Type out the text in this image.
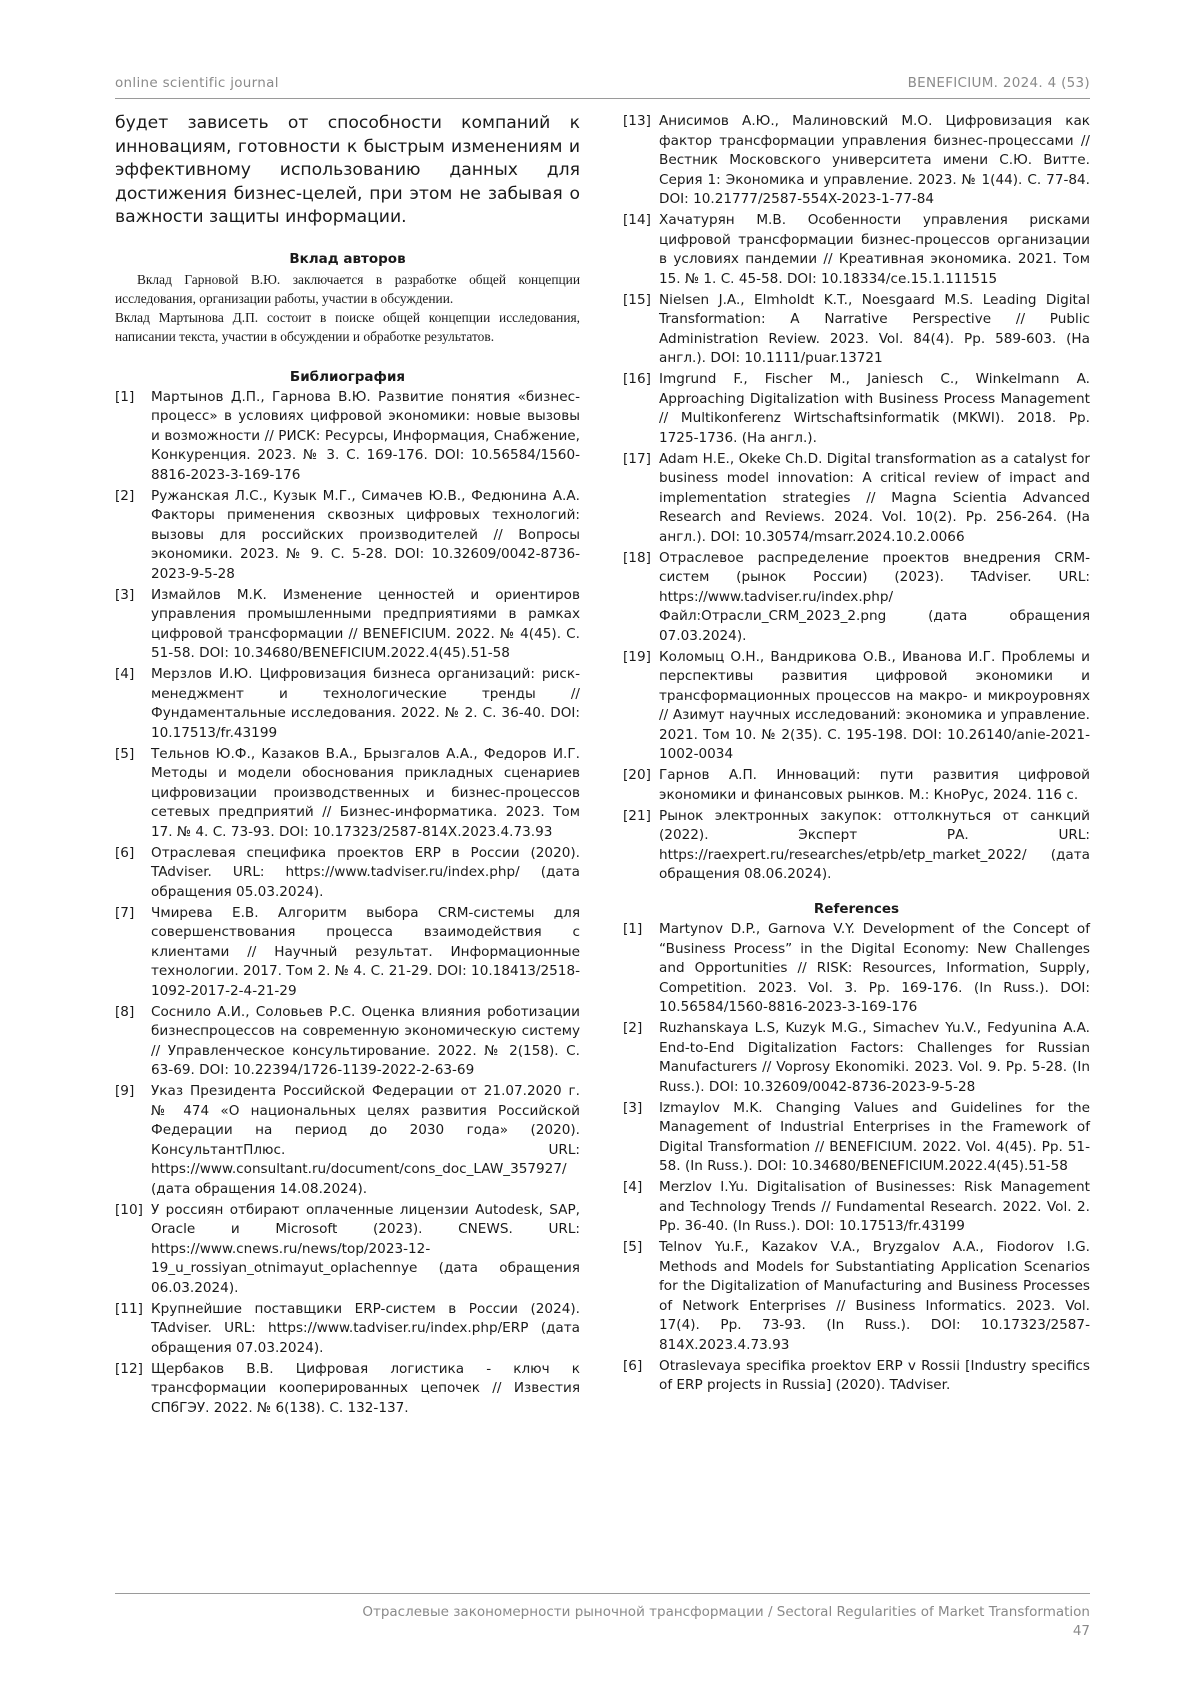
online scientific journal	BENEFICIUM. 2024. 4 (53)

будет зависеть от способности компаний к инновациям, готовности к быстрым изменениям и эффективному использованию данных для достижения бизнес-целей, при этом не забывая о важности защиты информации.

Вклад авторов

Вклад Гарновой В.Ю. заключается в разработке общей концепции исследования, организации работы, участии в обсуждении.

Вклад Мартынова Д.П. состоит в поиске общей концепции исследования, написании текста, участии в обсуждении и обработке результатов.

Библиография
[1] Мартынов Д.П., Гарнова В.Ю. Развитие понятия «бизнес-процесс» в условиях цифровой экономики: новые вызовы и возможности // РИСК: Ресурсы, Информация, Снабжение, Конкуренция. 2023. № 3. С. 169-176. DOI: 10.56584/1560-8816-2023-3-169-176
[2] Ружанская Л.С., Кузык М.Г., Симачев Ю.В., Федюнина А.А. Факторы применения сквозных цифровых технологий: вызовы для российских производителей // Вопросы экономики. 2023. № 9. С. 5-28. DOI: 10.32609/0042-8736-2023-9-5-28
[3] Измайлов М.К. Изменение ценностей и ориентиров управления промышленными предприятиями в рамках цифровой трансформации // BENEFICIUM. 2022. № 4(45). С. 51-58. DOI: 10.34680/BENEFICIUM.2022.4(45).51-58
[4] Мерзлов И.Ю. Цифровизация бизнеса организаций: риск-менеджмент и технологические тренды // Фундаментальные исследования. 2022. № 2. С. 36-40. DOI: 10.17513/fr.43199
[5] Тельнов Ю.Ф., Казаков В.А., Брызгалов А.А., Федоров И.Г. Методы и модели обоснования прикладных сценариев цифровизации производственных и бизнес-процессов сетевых предприятий // Бизнес-информатика. 2023. Том 17. № 4. С. 73-93. DOI: 10.17323/2587-814X.2023.4.73.93
[6] Отраслевая специфика проектов ERP в России (2020). TAdviser. URL: https://www.tadviser.ru/index.php/ (дата обращения 05.03.2024).
[7] Чмирева Е.В. Алгоритм выбора CRM-системы для совершенствования процесса взаимодействия с клиентами // Научный результат. Информационные технологии. 2017. Том 2. № 4. С. 21-29. DOI: 10.18413/2518-1092-2017-2-4-21-29
[8] Соснило А.И., Соловьев Р.С. Оценка влияния роботизации бизнеспроцессов на современную экономическую систему // Управленческое консультирование. 2022. № 2(158). С. 63-69. DOI: 10.22394/1726-1139-2022-2-63-69
[9] Указ Президента Российской Федерации от 21.07.2020 г. № 474 «О национальных целях развития Российской Федерации на период до 2030 года» (2020). КонсультантПлюс. URL: https://www.consultant.ru/document/cons_doc_LAW_357927/ (дата обращения 14.08.2024).
[10] У россиян отбирают оплаченные лицензии Autodesk, SAP, Oracle и Microsoft (2023). CNEWS. URL: https://www.cnews.ru/news/top/2023-12-19_u_rossiyan_otnimayut_oplachennye (дата обращения 06.03.2024).
[11] Крупнейшие поставщики ERP-систем в России (2024). TAdviser. URL: https://www.tadviser.ru/index.php/ERP (дата обращения 07.03.2024).
[12] Щербаков В.В. Цифровая логистика - ключ к трансформации кооперированных цепочек // Известия СПбГЭУ. 2022. № 6(138). С. 132-137.
[13] Анисимов А.Ю., Малиновский М.О. Цифровизация как фактор трансформации управления бизнес-процессами // Вестник Московского университета имени С.Ю. Витте. Серия 1: Экономика и управление. 2023. № 1(44). С. 77-84. DOI: 10.21777/2587-554X-2023-1-77-84
[14] Хачатурян М.В. Особенности управления рисками цифровой трансформации бизнес-процессов организации в условиях пандемии // Креативная экономика. 2021. Том 15. № 1. С. 45-58. DOI: 10.18334/ce.15.1.111515
[15] Nielsen J.A., Elmholdt K.T., Noesgaard M.S. Leading Digital Transformation: A Narrative Perspective // Public Administration Review. 2023. Vol. 84(4). Pp. 589-603. (На англ.). DOI: 10.1111/puar.13721
[16] Imgrund F., Fischer M., Janiesch C., Winkelmann A. Approaching Digitalization with Business Process Management // Multikonferenz Wirtschaftsinformatik (MKWI). 2018. Pp. 1725-1736. (На англ.).
[17] Adam H.E., Okeke Ch.D. Digital transformation as a catalyst for business model innovation: A critical review of impact and implementation strategies // Magna Scientia Advanced Research and Reviews. 2024. Vol. 10(2). Pp. 256-264. (На англ.). DOI: 10.30574/msarr.2024.10.2.0066
[18] Отраслевое распределение проектов внедрения CRM-систем (рынок России) (2023). TAdviser. URL: https://www.tadviser.ru/index.php/Файл:Отрасли_CRM_2023_2.png (дата обращения 07.03.2024).
[19] Коломыц О.Н., Вандрикова О.В., Иванова И.Г. Проблемы и перспективы развития цифровой экономики и трансформационных процессов на макро- и микроуровнях // Азимут научных исследований: экономика и управление. 2021. Том 10. № 2(35). С. 195-198. DOI: 10.26140/anie-2021-1002-0034
[20] Гарнов А.П. Инноваций: пути развития цифровой экономики и финансовых рынков. М.: КноРус, 2024. 116 с.
[21] Рынок электронных закупок: оттолкнуться от санкций (2022). Эксперт РА. URL: https://raexpert.ru/researches/etpb/etp_market_2022/ (дата обращения 08.06.2024).
References
[1] Martynov D.P., Garnova V.Y. Development of the Concept of “Business Process” in the Digital Economy: New Challenges and Opportunities // RISK: Resources, Information, Supply, Competition. 2023. Vol. 3. Pp. 169-176. (In Russ.). DOI: 10.56584/1560-8816-2023-3-169-176
[2] Ruzhanskaya L.S, Kuzyk M.G., Simachev Yu.V., Fedyunina A.A. End-to-End Digitalization Factors: Challenges for Russian Manufacturers // Voprosy Ekonomiki. 2023. Vol. 9. Pp. 5-28. (In Russ.). DOI: 10.32609/0042-8736-2023-9-5-28
[3] Izmaylov M.K. Changing Values and Guidelines for the Management of Industrial Enterprises in the Framework of Digital Transformation // BENEFICIUM. 2022. Vol. 4(45). Pp. 51-58. (In Russ.). DOI: 10.34680/BENEFICIUM.2022.4(45).51-58
[4] Merzlov I.Yu. Digitalisation of Businesses: Risk Management and Technology Trends // Fundamental Research. 2022. Vol. 2. Pp. 36-40. (In Russ.). DOI: 10.17513/fr.43199
[5] Telnov Yu.F., Kazakov V.A., Bryzgalov A.A., Fiodorov I.G. Methods and Models for Substantiating Application Scenarios for the Digitalization of Manufacturing and Business Processes of Network Enterprises // Business Informatics. 2023. Vol. 17(4). Pp. 73-93. (In Russ.). DOI: 10.17323/2587-814X.2023.4.73.93
[6] Otraslevaya specifika proektov ERP v Rossii [Industry specifics of ERP projects in Russia] (2020). TAdviser.
Отраслевые закономерности рыночной трансформации / Sectoral Regularities of Market Transformation
47
